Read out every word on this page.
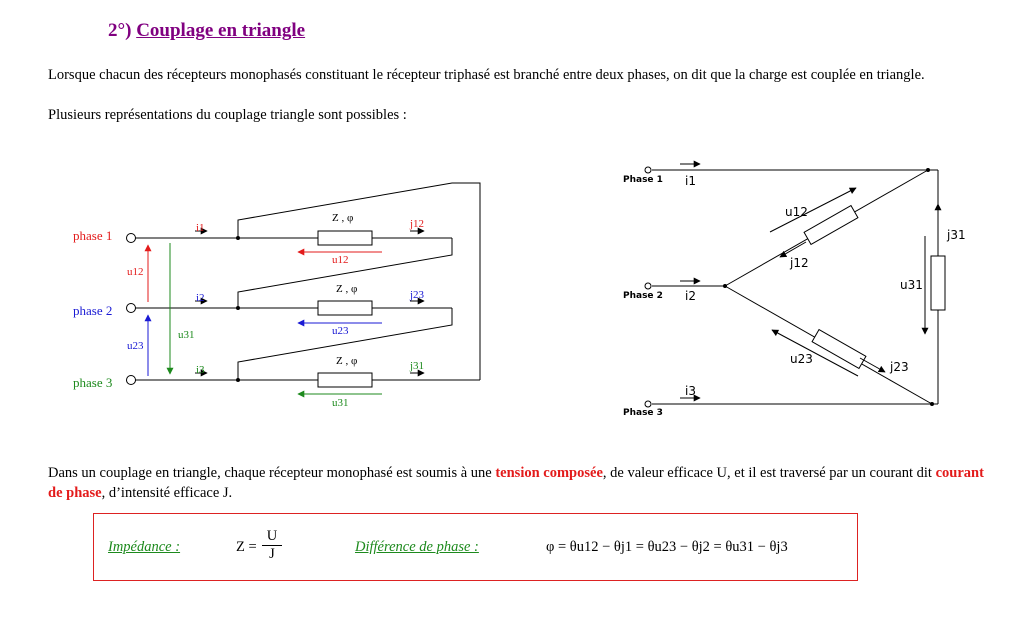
2°) Couplage en triangle
Lorsque chacun des récepteurs monophasés constituant le récepteur triphasé est branché entre deux phases, on dit que la charge est couplée en triangle.
Plusieurs représentations du couplage triangle sont possibles :
phase 1
phase 2
phase 3
i1
i2
i3
j12
j23
j31
Z , φ
Z , φ
Z , φ
u12
u23
u31
u12
u23
u31
Phase 1
Phase 2
Phase 3
i1
i2
i3
j12
j23
j31
u12
u23
u31
Dans un couplage en triangle, chaque récepteur monophasé est soumis à une tension composée, de valeur efficace U, et il est traversé par un courant dit courant de phase, d’intensité efficace J.
Impédance :	$Z = \frac{U}{J}$	Différence de phase :	φ = θu12 − θj1 = θu23 − θj2 = θu31 − θj3
